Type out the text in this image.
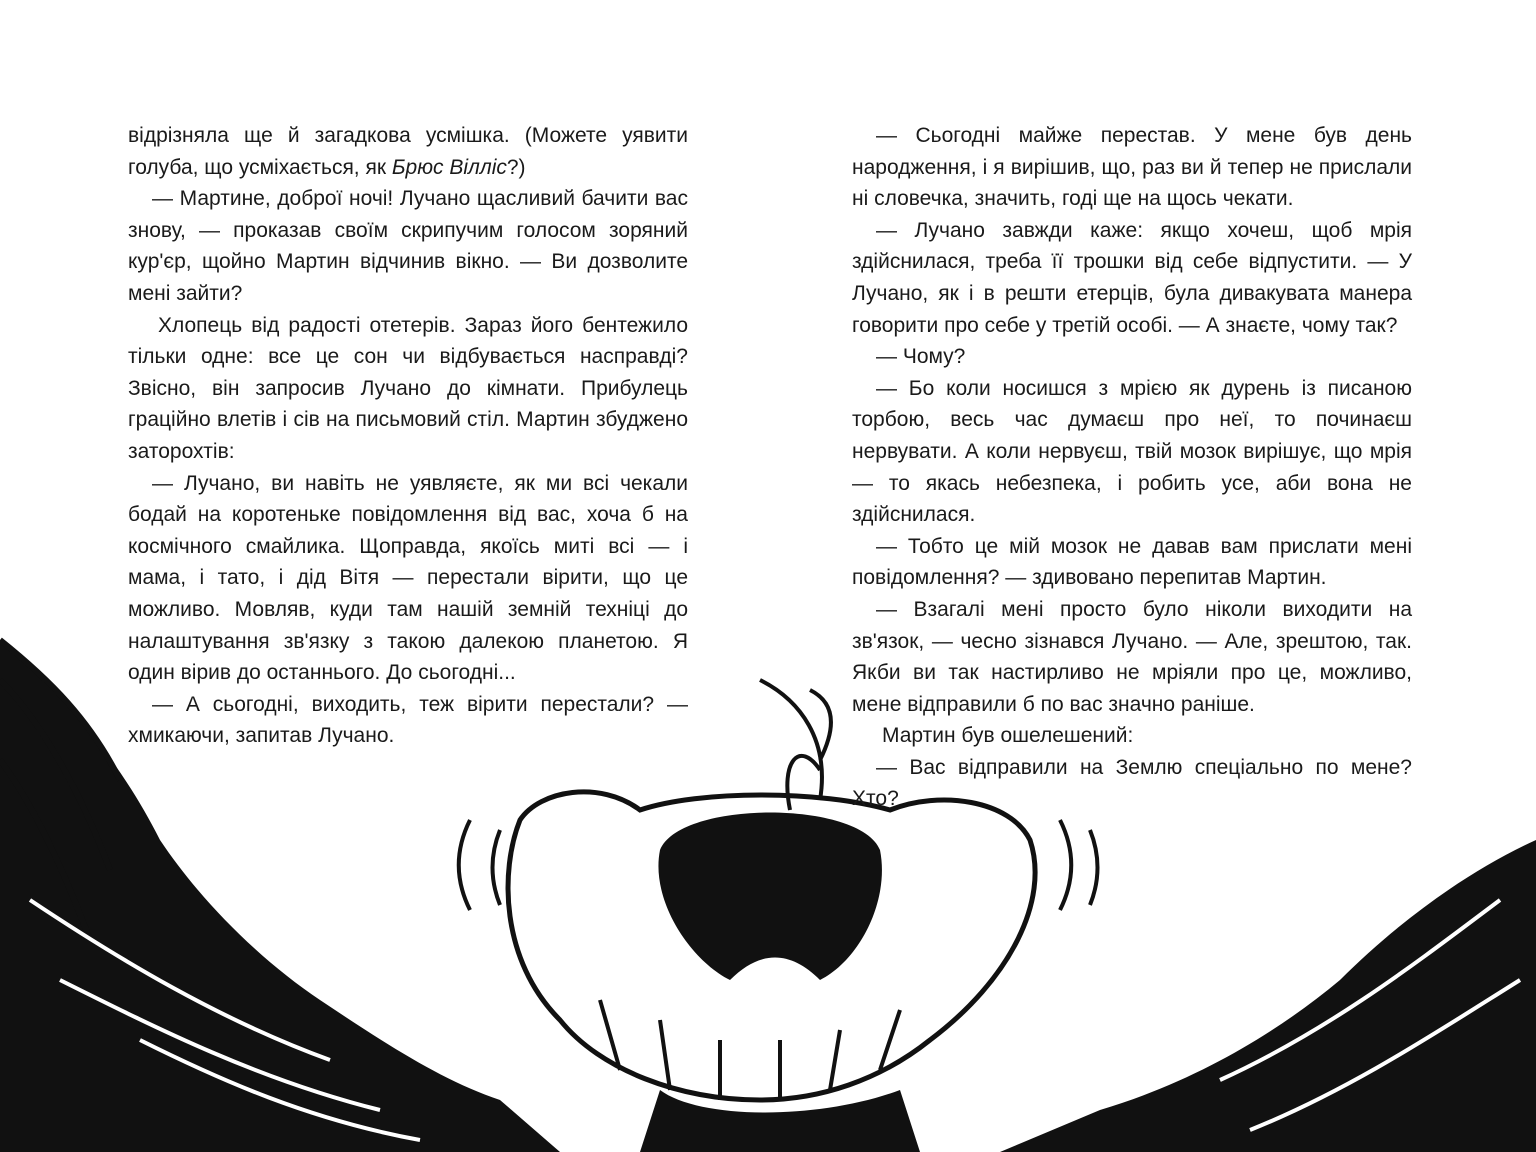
відрізняла ще й загадкова усмішка. (Можете уявити голуба, що усміхається, як Брюс Вілліс?)

— Мартине, доброї ночі! Лучано щасливий бачити вас знову, — проказав своїм скрипучим голосом зоряний кур'єр, щойно Мартин відчинив вікно. — Ви дозволите мені зайти?

Хлопець від радості отетерів. Зараз його бентежило тільки одне: все це сон чи відбувається насправді? Звісно, він запросив Лучано до кімнати. Прибулець граційно влетів і сів на письмовий стіл. Мартин збуджено заторохтів:

— Лучано, ви навіть не уявляєте, як ми всі чекали бодай на коротеньке повідомлення від вас, хоча б на космічного смайлика. Щоправда, якоїсь миті всі — і мама, і тато, і дід Вітя — перестали вірити, що це можливо. Мовляв, куди там нашій земній техніці до налаштування зв'язку з такою далекою планетою. Я один вірив до останнього. До сьогодні...

— А сьогодні, виходить, теж вірити перестали? — хмикаючи, запитав Лучано.

— Сьогодні майже перестав. У мене був день народження, і я вирішив, що, раз ви й тепер не прислали ні словечка, значить, годі ще на щось чекати.

— Лучано завжди каже: якщо хочеш, щоб мрія здійснилася, треба її трошки від себе відпустити. — У Лучано, як і в решти етерців, була дивакувата манера говорити про себе у третій особі. — А знаєте, чому так?

— Чому?

— Бо коли носишся з мрією як дурень із писаною торбою, весь час думаєш про неї, то починаєш нервувати. А коли нервуєш, твій мозок вирішує, що мрія — то якась небезпека, і робить усе, аби вона не здійснилася.

— Тобто це мій мозок не давав вам прислати мені повідомлення? — здивовано перепитав Мартин.

— Взагалі мені просто було ніколи виходити на зв'язок, — чесно зізнався Лучано. — Але, зрештою, так. Якби ви так настирливо не мріяли про це, можливо, мене відправили б по вас значно раніше.

Мартин був ошелешений:

— Вас відправили на Землю спеціально по мене? Хто?
